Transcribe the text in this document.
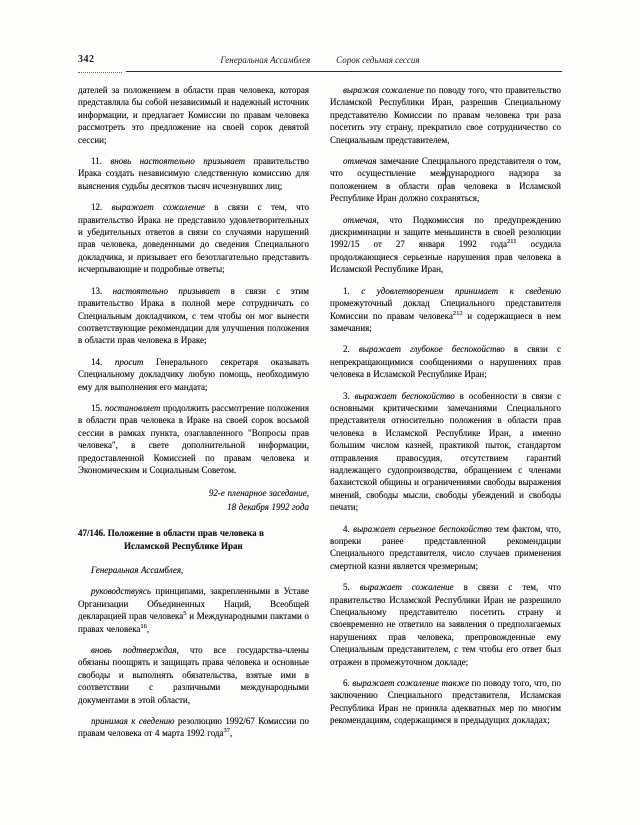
342	Генеральная Ассамблея	Сорок седьмая сессия

дателей за положением в области прав человека, которая представляла бы собой независимый и надежный источник информации, и предлагает Комиссии по правам человека рассмотреть это предложение на своей сорок девятой сессии;

11. вновь настоятельно призывает правительство Ирака создать независимую следственную комиссию для выяснения судьбы десятков тысяч исчезнувших лиц;

12. выражает сожаление в связи с тем, что правительство Ирака не представило удовлетворительных и убедительных ответов в связи со случаями нарушений прав человека, доведенными до сведения Специального докладчика, и призывает его безотлагательно представить исчерпывающие и подробные ответы;

13. настоятельно призывает в связи с этим правительство Ирака в полной мере сотрудничать со Специальным докладчиком, с тем чтобы он мог вынести соответствующие рекомендации для улучшения положения в области прав человека в Ираке;

14. просит Генерального секретаря оказывать Специальному докладчику любую помощь, необходимую ему для выполнения его мандата;

15. постановляет продолжить рассмотрение положения в области прав человека в Ираке на своей сорок восьмой сессии в рамках пункта, озаглавленного "Вопросы прав человека", в свете дополнительной информации, предоставленной Комиссией по правам человека и Экономическим и Социальным Советом.

92-е пленарное заседание,

18 декабря 1992 года

47/146. Положение в области прав человека в Исламской Республике Иран

Генеральная Ассамблея,

руководствуясь принципами, закрепленными в Уставе Организации Объединенных Наций, Всеобщей декларацией прав человека$^5$ и Международными пактами о правах человека$^{16}$,

вновь подтверждая, что все государства-члены обязаны поощрять и защищать права человека и основные свободы и выполнять обязательства, взятые ими в соответствии с различными международными документами в этой области,

принимая к сведению резолюцию 1992/67 Комиссии по правам человека от 4 марта 1992 года$^{37}$,

выражая сожаление по поводу того, что правительство Исламской Республики Иран, разрешив Специальному представителю Комиссии по правам человека три раза посетить эту страну, прекратило свое сотрудничество со Специальным представителем,

отмечая замечание Специального представителя о том, что осуществление международного надзора за положением в области прав человека в Исламской Республике Иран должно сохраняться,

отмечая, что Подкомиссия по предупреждению дискриминации и защите меньшинств в своей резолюции 1992/15 от 27 января 1992 года$^{211}$ осудила продолжающиеся серьезные нарушения прав человека в Исламской Республике Иран,

1. с удовлетворением принимает к сведению промежуточный доклад Специального представителя Комиссии по правам человека$^{212}$ и содержащиеся в нем замечания;

2. выражает глубокое беспокойство в связи с непрекращающимися сообщениями о нарушениях прав человека в Исламской Республике Иран;

3. выражает беспокойство в особенности в связи с основными критическими замечаниями Специального представителя относительно положения в области прав человека в Исламской Республике Иран, а именно большим числом казней, практикой пыток, стандартом отправления правосудия, отсутствием гарантий надлежащего судопроизводства, обращением с членами бахаистской общины и ограничениями свободы выражения мнений, свободы мысли, свободы убеждений и свободы печати;

4. выражает серьезное беспокойство тем фактом, что, вопреки ранее представленной рекомендации Специального представителя, число случаев применения смертной казни является чрезмерным;

5. выражает сожаление в связи с тем, что правительство Исламской Республики Иран не разрешило Специальному представителю посетить страну и своевременно не ответило на заявления о предполагаемых нарушениях прав человека, препровожденные ему Специальным представителем, с тем чтобы его ответ был отражен в промежуточном докладе;

6. выражает сожаление также по поводу того, что, по заключению Специального представителя, Исламская Республика Иран не приняла адекватных мер по многим рекомендациям, содержащимся в предыдущих докладах;
